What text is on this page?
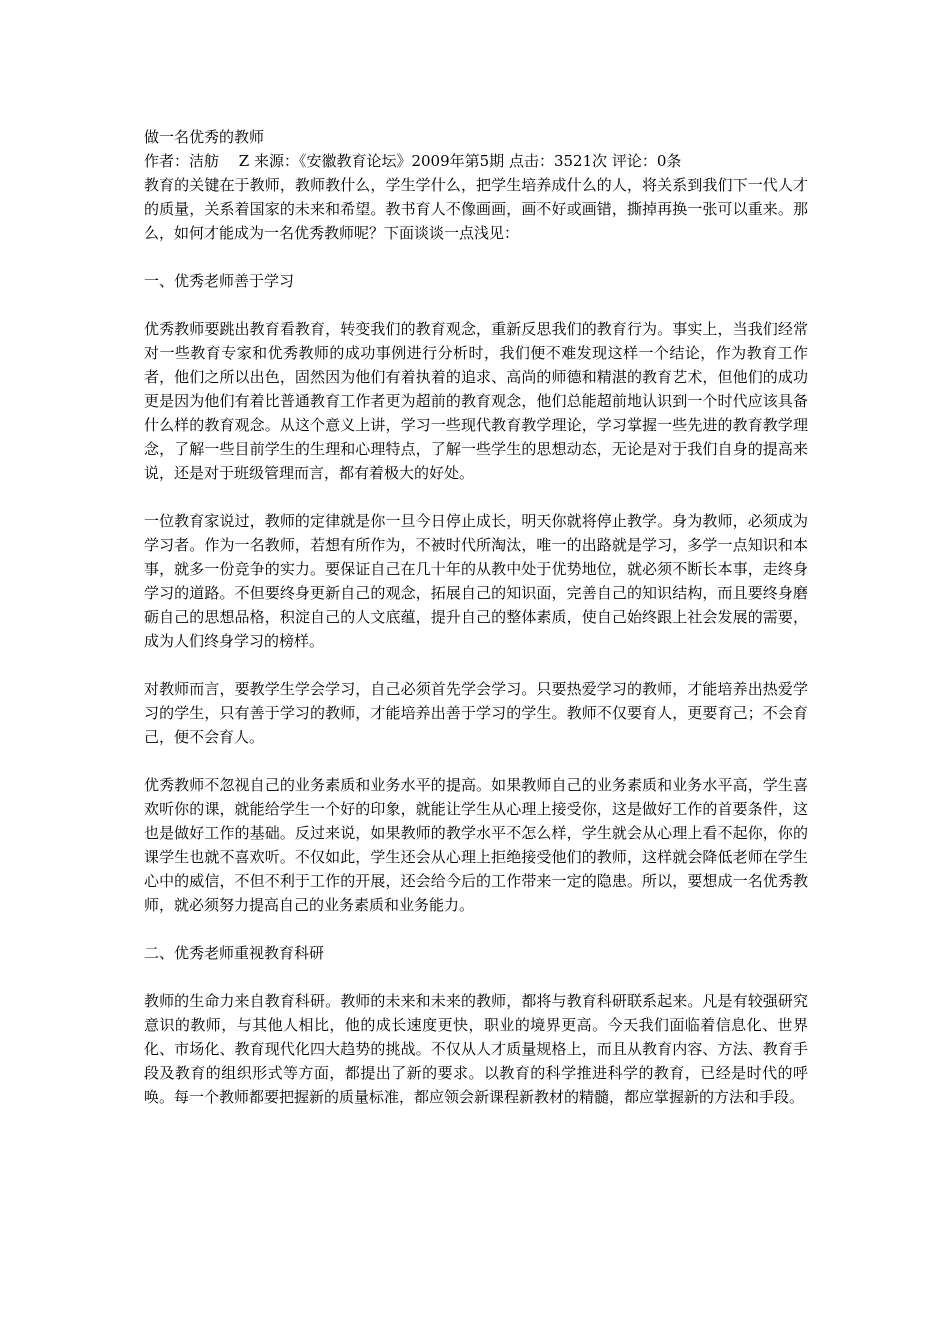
做一名优秀的教师
作者：洁舫　 Z 来源：《安徽教育论坛》2009年第5期 点击：3521次 评论：0条

教育的关键在于教师，教师教什么，学生学什么，把学生培养成什么的人，将关系到我们下一代人才的质量，关系着国家的未来和希望。教书育人不像画画，画不好或画错，撕掉再换一张可以重来。那么，如何才能成为一名优秀教师呢？下面谈谈一点浅见：

一、优秀老师善于学习

优秀教师要跳出教育看教育，转变我们的教育观念，重新反思我们的教育行为。事实上，当我们经常对一些教育专家和优秀教师的成功事例进行分析时，我们便不难发现这样一个结论，作为教育工作者，他们之所以出色，固然因为他们有着执着的追求、高尚的师德和精湛的教育艺术，但他们的成功更是因为他们有着比普通教育工作者更为超前的教育观念，他们总能超前地认识到一个时代应该具备什么样的教育观念。从这个意义上讲，学习一些现代教育教学理论，学习掌握一些先进的教育教学理念，了解一些目前学生的生理和心理特点，了解一些学生的思想动态，无论是对于我们自身的提高来说，还是对于班级管理而言，都有着极大的好处。

一位教育家说过，教师的定律就是你一旦今日停止成长，明天你就将停止教学。身为教师，必须成为学习者。作为一名教师，若想有所作为，不被时代所淘汰，唯一的出路就是学习，多学一点知识和本事，就多一份竞争的实力。要保证自己在几十年的从教中处于优势地位，就必须不断长本事，走终身学习的道路。不但要终身更新自己的观念，拓展自己的知识面，完善自己的知识结构，而且要终身磨砺自己的思想品格，积淀自己的人文底蕴，提升自己的整体素质，使自己始终跟上社会发展的需要，成为人们终身学习的榜样。

对教师而言，要教学生学会学习，自己必须首先学会学习。只要热爱学习的教师，才能培养出热爱学习的学生，只有善于学习的教师，才能培养出善于学习的学生。教师不仅要育人，更要育己；不会育己，便不会育人。

优秀教师不忽视自己的业务素质和业务水平的提高。如果教师自己的业务素质和业务水平高，学生喜欢听你的课，就能给学生一个好的印象，就能让学生从心理上接受你，这是做好工作的首要条件，这也是做好工作的基础。反过来说，如果教师的教学水平不怎么样，学生就会从心理上看不起你，你的课学生也就不喜欢听。不仅如此，学生还会从心理上拒绝接受他们的教师，这样就会降低老师在学生心中的威信，不但不利于工作的开展，还会给今后的工作带来一定的隐患。所以，要想成一名优秀教师，就必须努力提高自己的业务素质和业务能力。

二、优秀老师重视教育科研

教师的生命力来自教育科研。教师的未来和未来的教师，都将与教育科研联系起来。凡是有较强研究意识的教师，与其他人相比，他的成长速度更快，职业的境界更高。今天我们面临着信息化、世界化、市场化、教育现代化四大趋势的挑战。不仅从人才质量规格上，而且从教育内容、方法、教育手段及教育的组织形式等方面，都提出了新的要求。以教育的科学推进科学的教育，已经是时代的呼唤。每一个教师都要把握新的质量标准，都应领会新课程新教材的精髓，都应掌握新的方法和手段。
